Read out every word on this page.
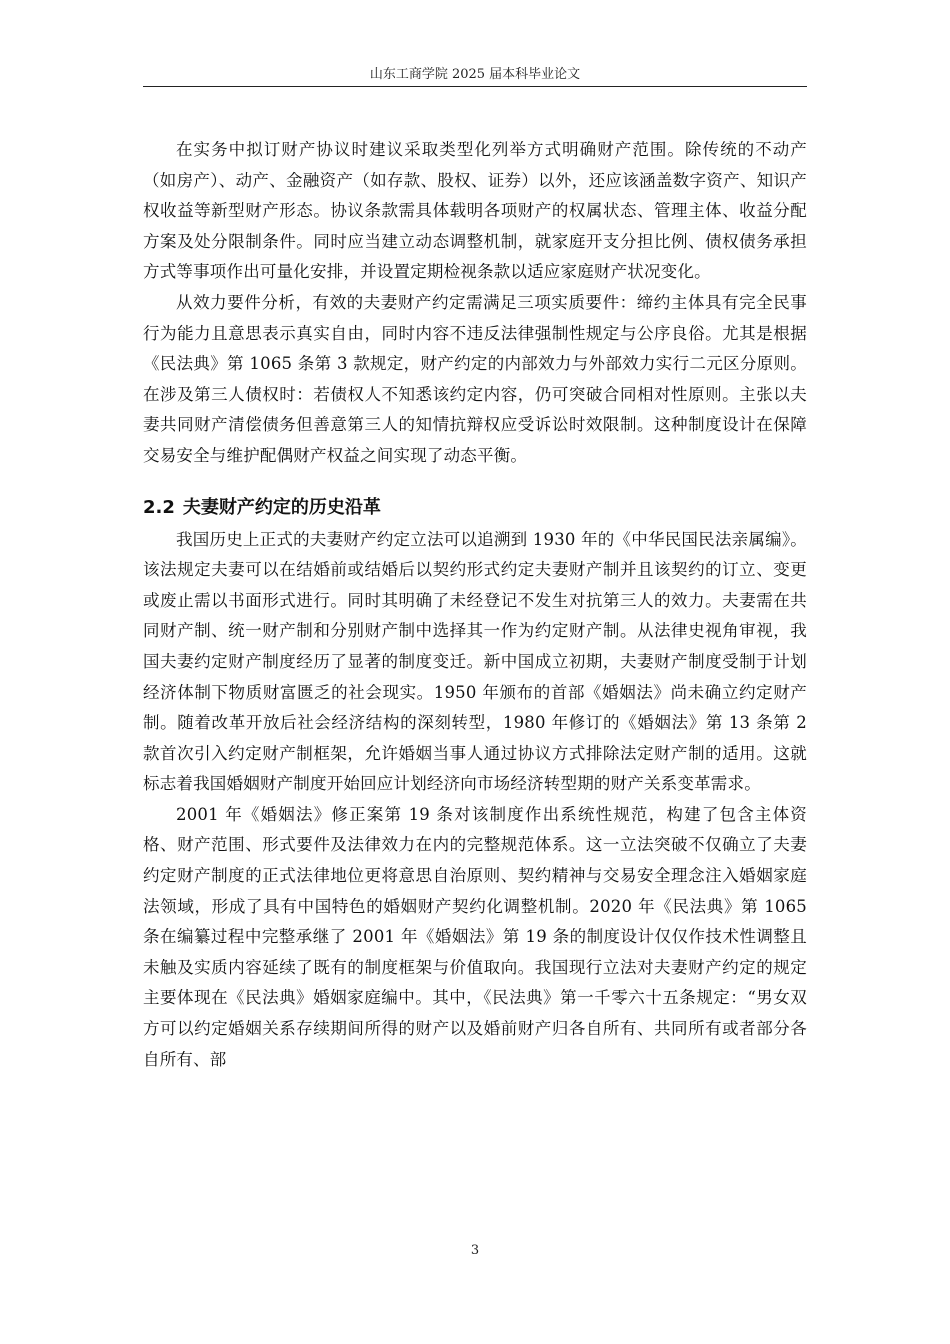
山东工商学院 2025 届本科毕业论文

在实务中拟订财产协议时建议采取类型化列举方式明确财产范围。除传统的不动产（如房产）、动产、金融资产（如存款、股权、证券）以外，还应该涵盖数字资产、知识产权收益等新型财产形态。协议条款需具体载明各项财产的权属状态、管理主体、收益分配方案及处分限制条件。同时应当建立动态调整机制，就家庭开支分担比例、债权债务承担方式等事项作出可量化安排，并设置定期检视条款以适应家庭财产状况变化。

从效力要件分析，有效的夫妻财产约定需满足三项实质要件：缔约主体具有完全民事行为能力且意思表示真实自由，同时内容不违反法律强制性规定与公序良俗。尤其是根据《民法典》第 1065 条第 3 款规定，财产约定的内部效力与外部效力实行二元区分原则。在涉及第三人债权时：若债权人不知悉该约定内容，仍可突破合同相对性原则。主张以夫妻共同财产清偿债务但善意第三人的知情抗辩权应受诉讼时效限制。这种制度设计在保障交易安全与维护配偶财产权益之间实现了动态平衡。

2.2 夫妻财产约定的历史沿革

我国历史上正式的夫妻财产约定立法可以追溯到 1930 年的《中华民国民法亲属编》。该法规定夫妻可以在结婚前或结婚后以契约形式约定夫妻财产制并且该契约的订立、变更或废止需以书面形式进行。同时其明确了未经登记不发生对抗第三人的效力。夫妻需在共同财产制、统一财产制和分别财产制中选择其一作为约定财产制。从法律史视角审视，我国夫妻约定财产制度经历了显著的制度变迁。新中国成立初期，夫妻财产制度受制于计划经济体制下物质财富匮乏的社会现实。1950 年颁布的首部《婚姻法》尚未确立约定财产制。随着改革开放后社会经济结构的深刻转型，1980 年修订的《婚姻法》第 13 条第 2 款首次引入约定财产制框架，允许婚姻当事人通过协议方式排除法定财产制的适用。这就标志着我国婚姻财产制度开始回应计划经济向市场经济转型期的财产关系变革需求。

2001 年《婚姻法》修正案第 19 条对该制度作出系统性规范，构建了包含主体资格、财产范围、形式要件及法律效力在内的完整规范体系。这一立法突破不仅确立了夫妻约定财产制度的正式法律地位更将意思自治原则、契约精神与交易安全理念注入婚姻家庭法领域，形成了具有中国特色的婚姻财产契约化调整机制。2020 年《民法典》第 1065 条在编纂过程中完整承继了 2001 年《婚姻法》第 19 条的制度设计仅仅作技术性调整且未触及实质内容延续了既有的制度框架与价值取向。我国现行立法对夫妻财产约定的规定主要体现在《民法典》婚姻家庭编中。其中，《民法典》第一千零六十五条规定：“男女双方可以约定婚姻关系存续期间所得的财产以及婚前财产归各自所有、共同所有或者部分各自所有、部

3
